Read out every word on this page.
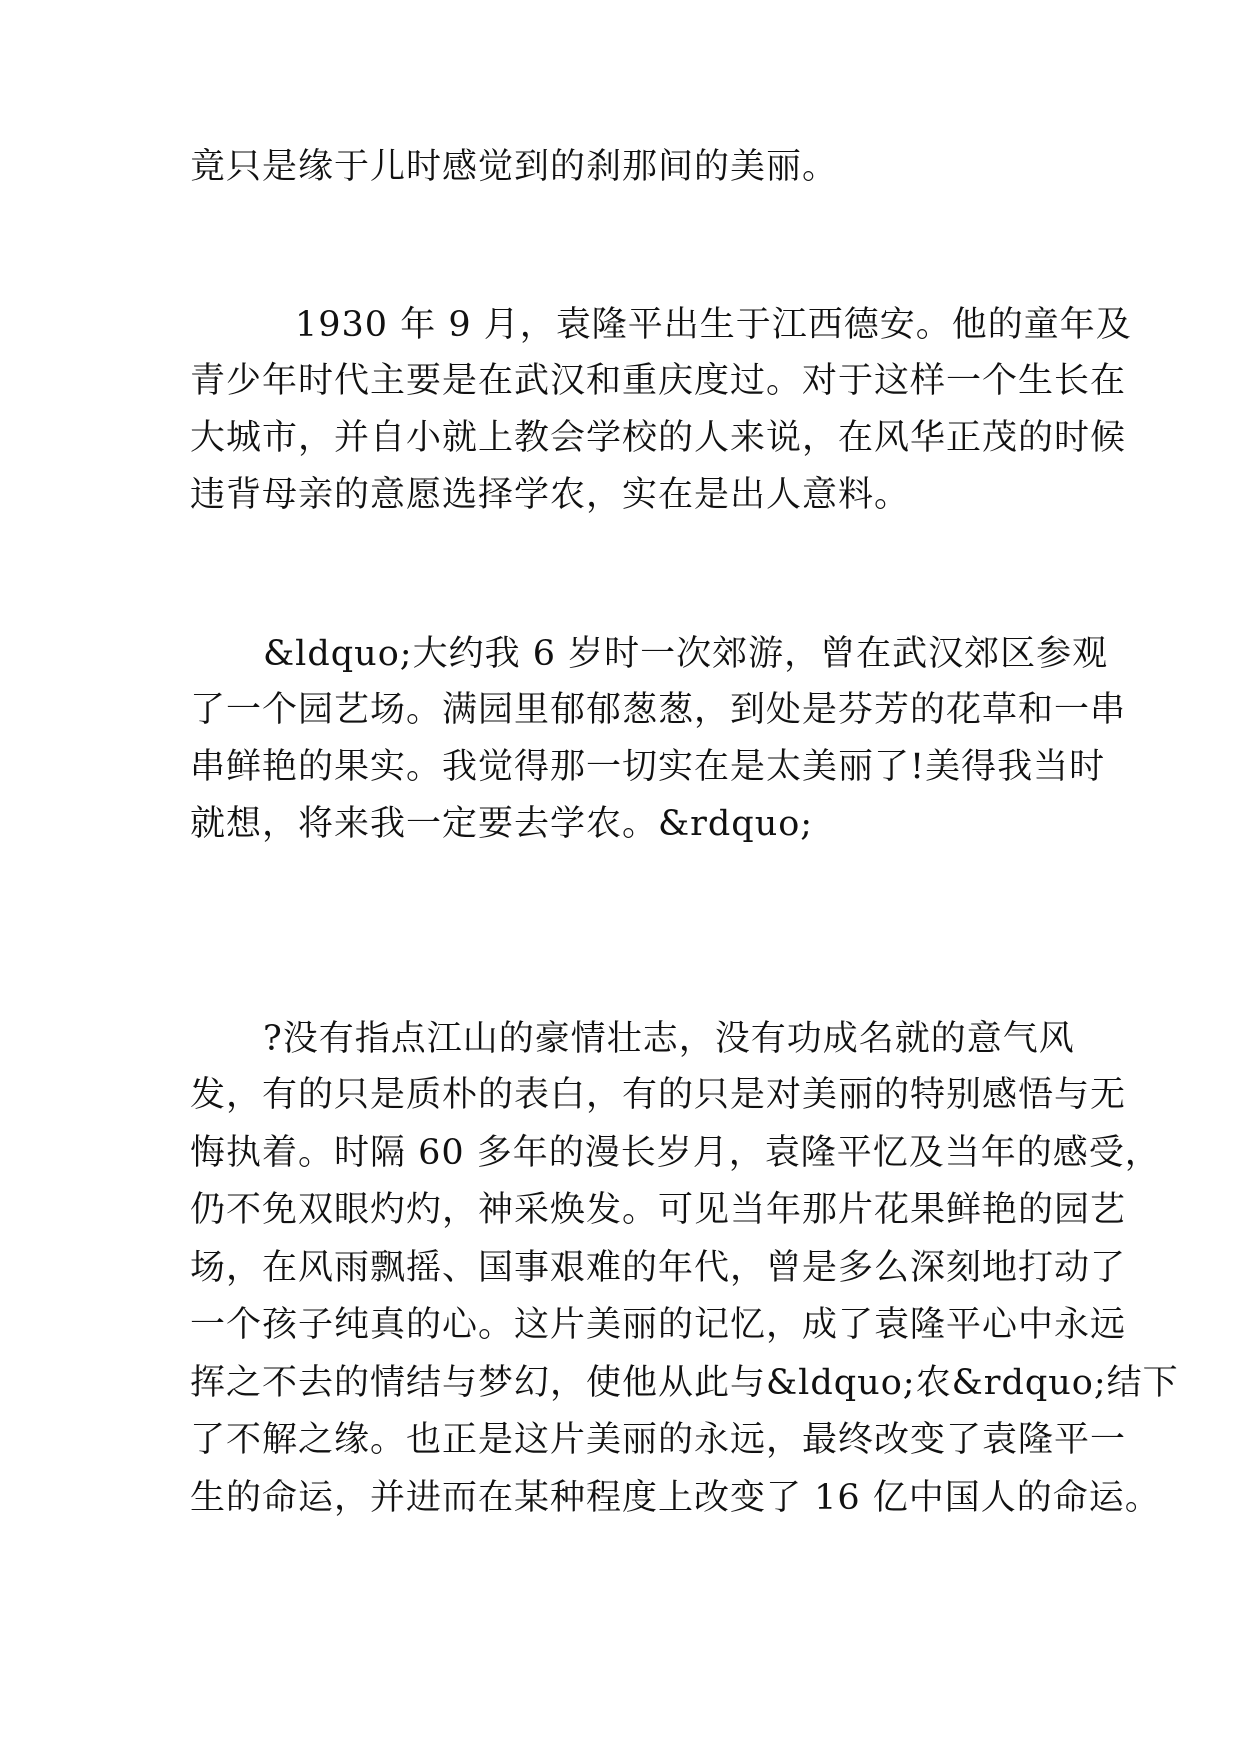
竟只是缘于儿时感觉到的刹那间的美丽。
1930 年 9 月，袁隆平出生于江西德安。他的童年及
青少年时代主要是在武汉和重庆度过。对于这样一个生长在
大城市，并自小就上教会学校的人来说，在风华正茂的时候
违背母亲的意愿选择学农，实在是出人意料。
&ldquo;大约我 6 岁时一次郊游，曾在武汉郊区参观
了一个园艺场。满园里郁郁葱葱，到处是芬芳的花草和一串
串鲜艳的果实。我觉得那一切实在是太美丽了!美得我当时
就想，将来我一定要去学农。&rdquo;
?没有指点江山的豪情壮志，没有功成名就的意气风
发，有的只是质朴的表白，有的只是对美丽的特别感悟与无
悔执着。时隔 60 多年的漫长岁月，袁隆平忆及当年的感受，
仍不免双眼灼灼，神采焕发。可见当年那片花果鲜艳的园艺
场，在风雨飘摇、国事艰难的年代，曾是多么深刻地打动了
一个孩子纯真的心。这片美丽的记忆，成了袁隆平心中永远
挥之不去的情结与梦幻，使他从此与&ldquo;农&rdquo;结下
了不解之缘。也正是这片美丽的永远，最终改变了袁隆平一
生的命运，并进而在某种程度上改变了 16 亿中国人的命运。
